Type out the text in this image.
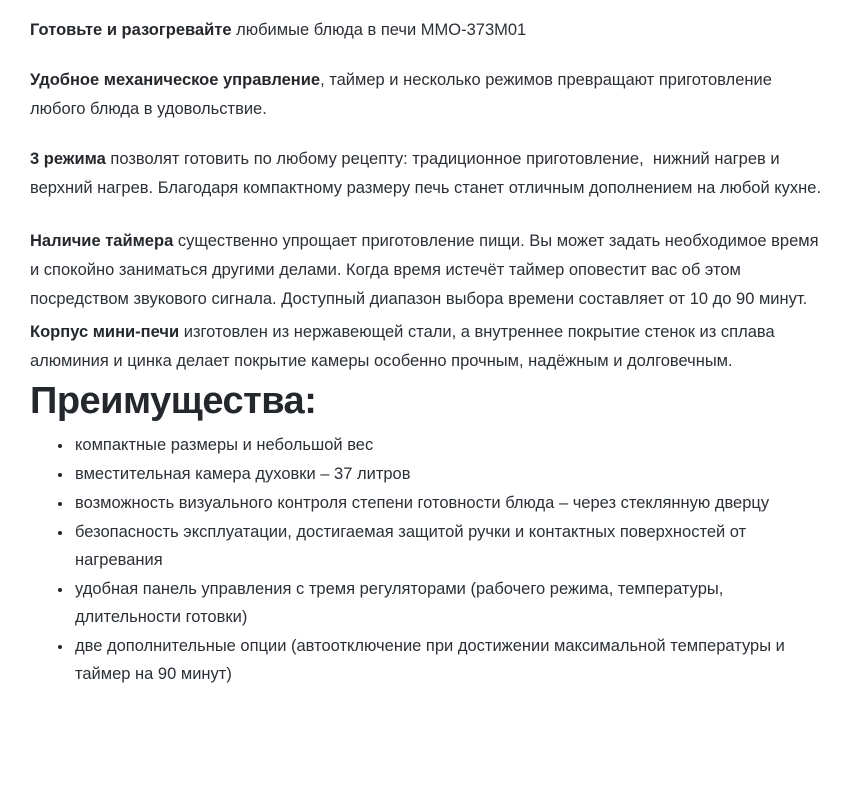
Готовьте и разогревайте любимые блюда в печи ММО-373М01

Удобное механическое управление, таймер и несколько режимов превращают приготовление любого блюда в удовольствие.

3 режима позволят готовить по любому рецепту: традиционное приготовление,  нижний нагрев и верхний нагрев. Благодаря компактному размеру печь станет отличным дополнением на любой кухне.

Наличие таймера существенно упрощает приготовление пищи. Вы может задать необходимое время и спокойно заниматься другими делами. Когда время истечёт таймер оповестит вас об этом посредством звукового сигнала. Доступный диапазон выбора времени составляет от 10 до 90 минут.

Корпус мини-печи изготовлен из нержавеющей стали, а внутреннее покрытие стенок из сплава алюминия и цинка делает покрытие камеры особенно прочным, надёжным и долговечным.

Преимущества:
• компактные размеры и небольшой вес
• вместительная камера духовки – 37 литров
• возможность визуального контроля степени готовности блюда – через стеклянную дверцу
• безопасность эксплуатации, достигаемая защитой ручки и контактных поверхностей от нагревания
• удобная панель управления с тремя регуляторами (рабочего режима, температуры, длительности готовки)
• две дополнительные опции (автоотключение при достижении максимальной температуры и таймер на 90 минут)
